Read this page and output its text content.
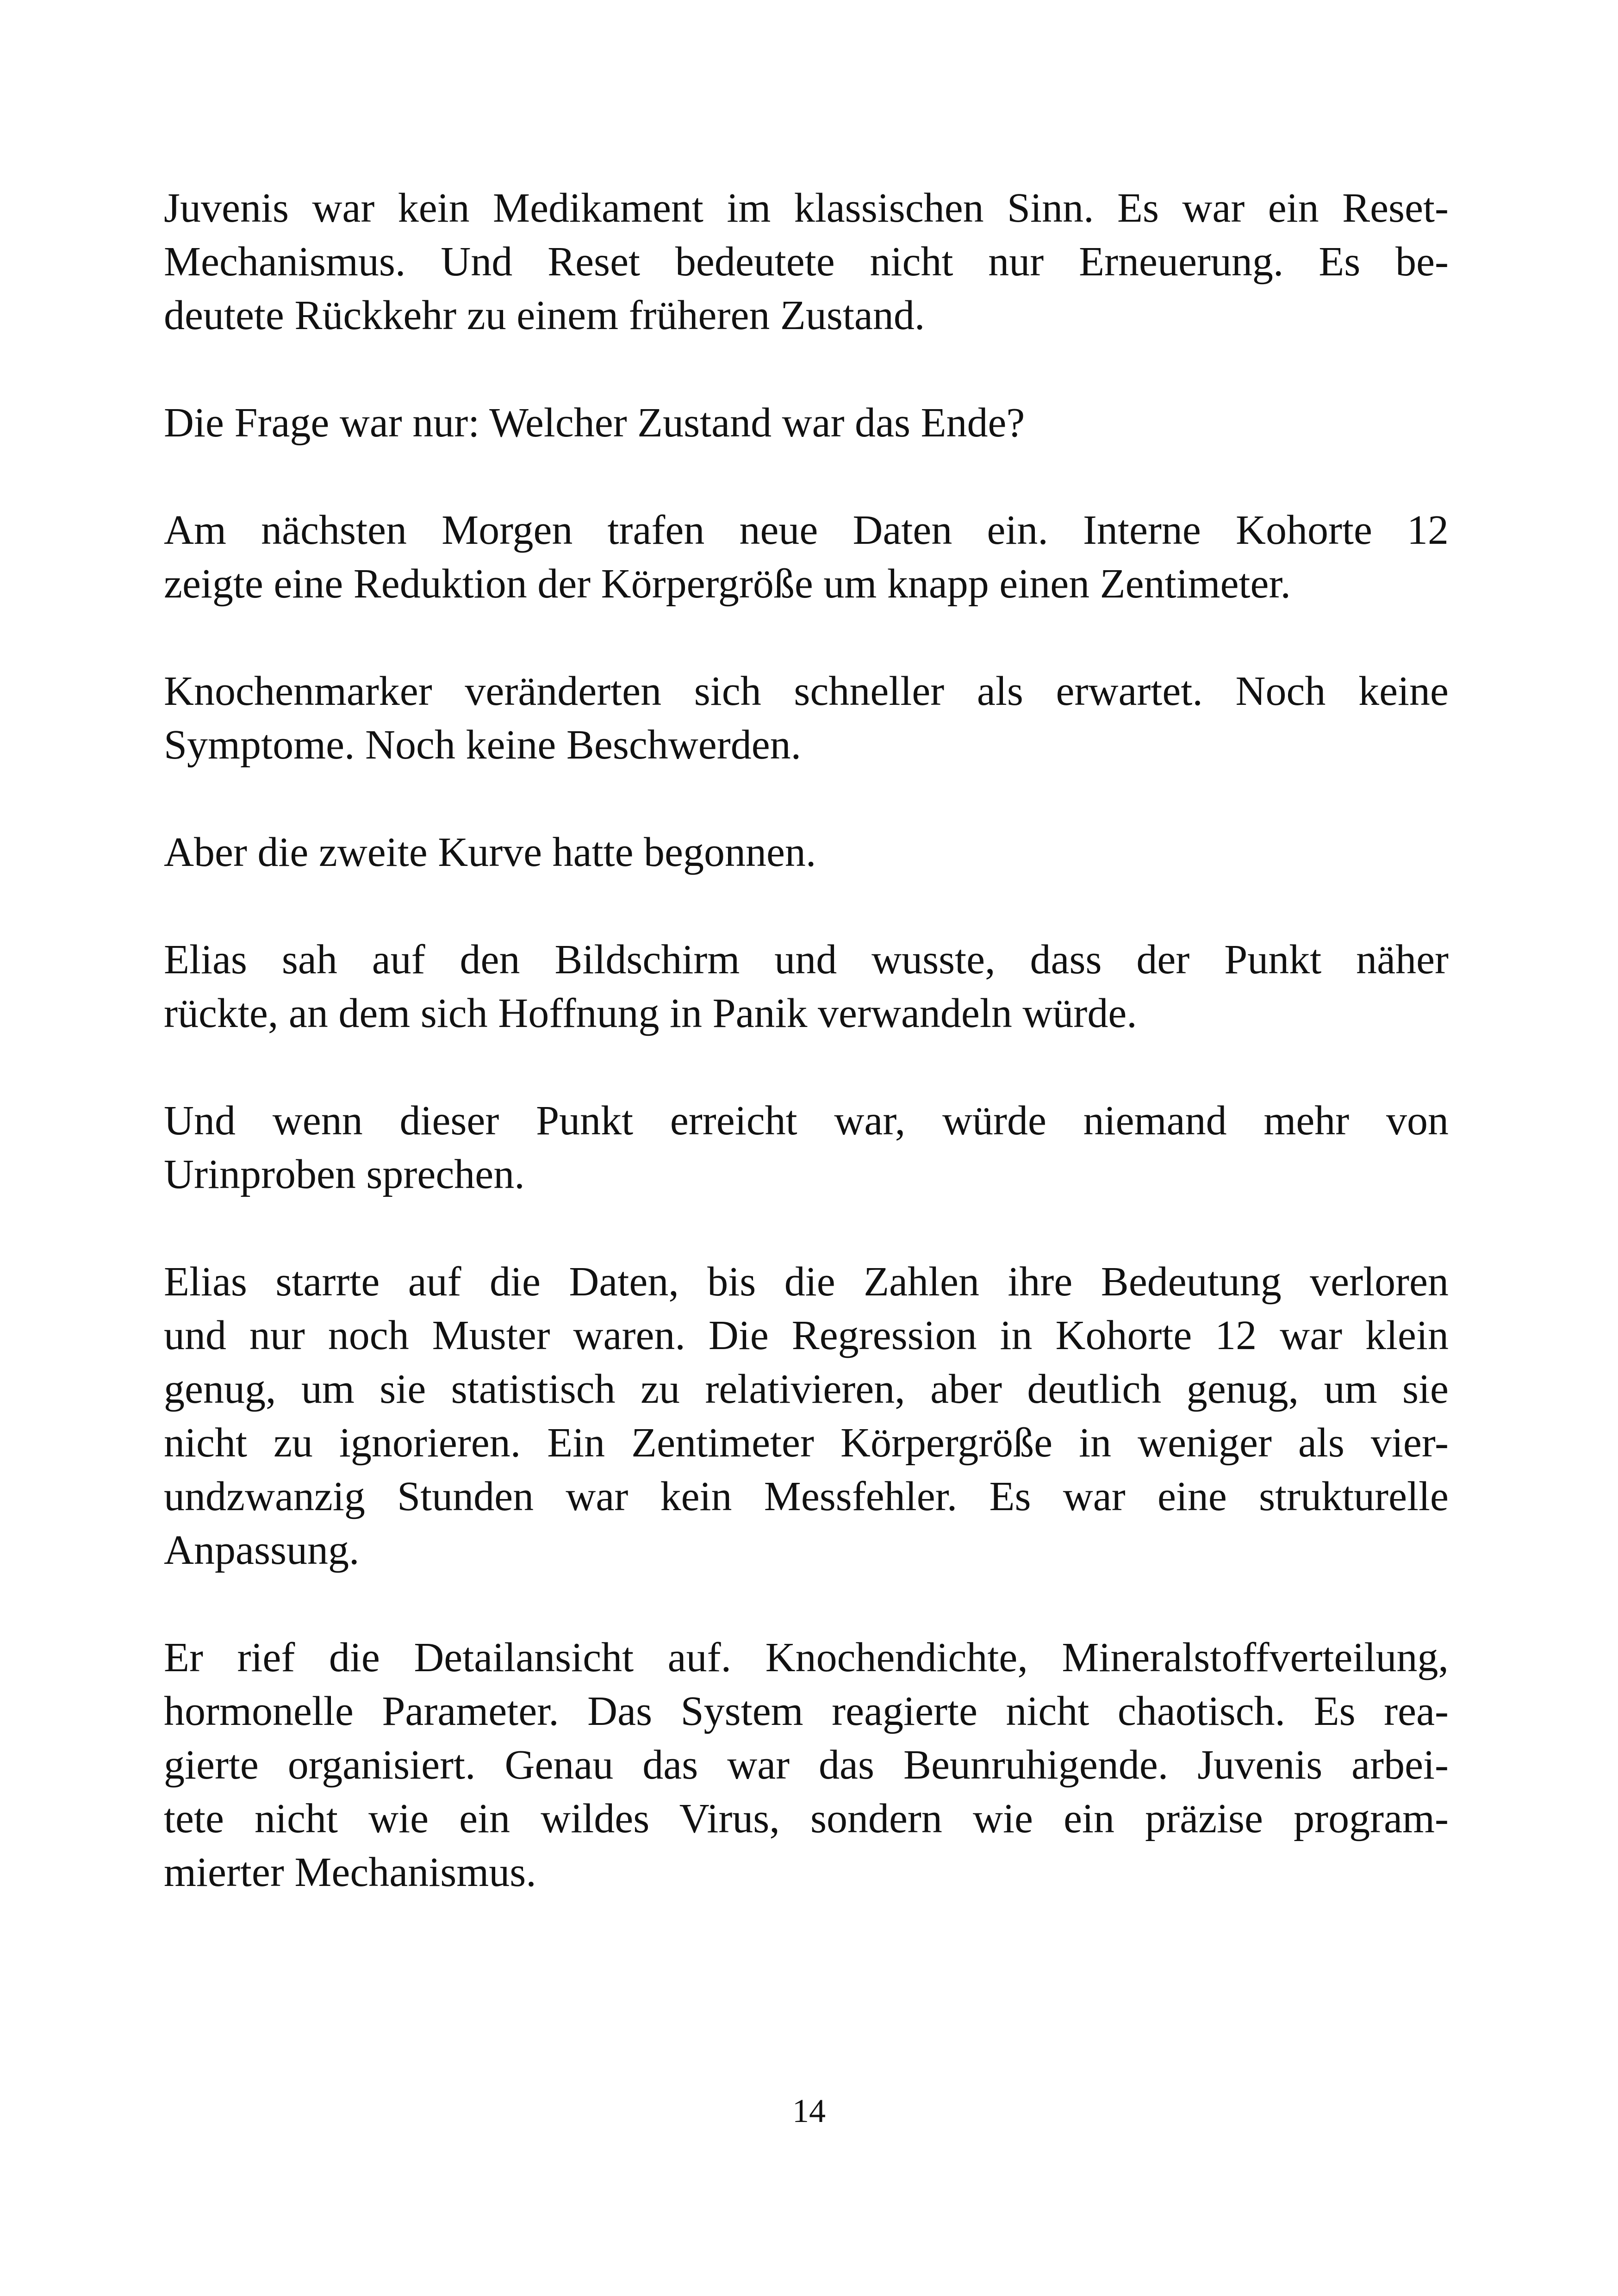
Juvenis war kein Medikament im klassischen Sinn. Es war ein Reset-
Mechanismus. Und Reset bedeutete nicht nur Erneuerung. Es be-
deutete Rückkehr zu einem früheren Zustand.
Die Frage war nur: Welcher Zustand war das Ende?
Am nächsten Morgen trafen neue Daten ein. Interne Kohorte 12
zeigte eine Reduktion der Körpergröße um knapp einen Zentimeter.
Knochenmarker veränderten sich schneller als erwartet. Noch keine
Symptome. Noch keine Beschwerden.
Aber die zweite Kurve hatte begonnen.
Elias sah auf den Bildschirm und wusste, dass der Punkt näher
rückte, an dem sich Hoffnung in Panik verwandeln würde.
Und wenn dieser Punkt erreicht war, würde niemand mehr von
Urinproben sprechen.
Elias starrte auf die Daten, bis die Zahlen ihre Bedeutung verloren
und nur noch Muster waren. Die Regression in Kohorte 12 war klein
genug, um sie statistisch zu relativieren, aber deutlich genug, um sie
nicht zu ignorieren. Ein Zentimeter Körpergröße in weniger als vier-
undzwanzig Stunden war kein Messfehler. Es war eine strukturelle
Anpassung.
Er rief die Detailansicht auf. Knochendichte, Mineralstoffverteilung,
hormonelle Parameter. Das System reagierte nicht chaotisch. Es rea-
gierte organisiert. Genau das war das Beunruhigende. Juvenis arbei-
tete nicht wie ein wildes Virus, sondern wie ein präzise program-
mierter Mechanismus.
14
